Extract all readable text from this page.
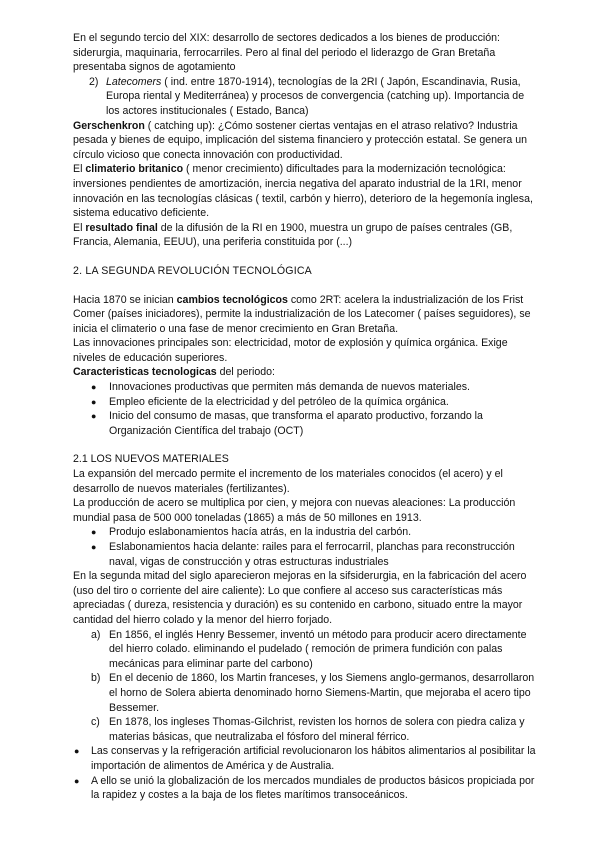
En el segundo tercio del XIX: desarrollo de sectores dedicados a los bienes de producción: siderurgia, maquinaria, ferrocarriles. Pero al final del periodo el liderazgo de Gran Bretaña presentaba signos de agotamiento

2) Latecomers ( ind. entre 1870-1914), tecnologías de la 2RI ( Japón, Escandinavia, Rusia, Europa riental y Mediterránea) y procesos de convergencia (catching up). Importancia de los actores institucionales ( Estado, Banca)

Gerschenkron ( catching up): ¿Cómo sostener ciertas ventajas en el atraso relativo? Industria pesada y bienes de equipo, implicación del sistema financiero y protección estatal. Se genera un círculo vicioso que conecta innovación con productividad.

El climaterio britanico ( menor crecimiento) dificultades para la modernización tecnológica: inversiones pendientes de amortización, inercia negativa del aparato industrial de la 1RI, menor innovación en las tecnologías clásicas ( textil, carbón y hierro), deterioro de la hegemonía inglesa, sistema educativo deficiente.

El resultado final de la difusión de la RI en 1900, muestra un grupo de países centrales (GB, Francia, Alemania, EEUU), una periferia constituida por (...)

2. LA SEGUNDA REVOLUCIÓN TECNOLÓGICA

Hacia 1870 se inician cambios tecnológicos como 2RT: acelera la industrialización de los Frist Comer (países iniciadores), permite la industrialización de los Latecomer ( países seguidores), se inicia el climaterio o una fase de menor crecimiento en Gran Bretaña.

Las innovaciones principales son: electricidad, motor de explosión y química orgánica. Exige niveles de educación superiores.

Caracteristicas tecnologicas del periodo:

●	Innovaciones productivas que permiten más demanda de nuevos materiales.
●	Empleo eficiente de la electricidad y del petróleo de la química orgánica.
●	Inicio del consumo de masas, que transforma el aparato productivo, forzando la Organización Científica del trabajo (OCT)

2.1 LOS NUEVOS MATERIALES

La expansión del mercado permite el incremento de los materiales conocidos (el acero) y el desarrollo de nuevos materiales (fertilizantes).

La producción de acero se multiplica por cien, y mejora con nuevas aleaciones: La producción mundial pasa de 500 000 toneladas (1865) a más de 50 millones en 1913.

●	Produjo eslabonamientos hacía atrás, en la industria del carbón.
●	Eslabonamientos hacia delante: railes para el ferrocarril, planchas para reconstrucción naval, vigas de construcción y otras estructuras industriales

En la segunda mitad del siglo aparecieron mejoras en la sifsiderurgia, en la fabricación del acero (uso del tiro o corriente del aire caliente): Lo que confiere al acceso sus características más apreciadas ( dureza, resistencia y duración) es su contenido en carbono, situado entre la mayor cantidad del hierro colado y la menor del hierro forjado.

a) En 1856, el inglés Henry Bessemer, inventó un método para producir acero directamente del hierro colado. eliminando el pudelado ( remoción de primera fundición con palas mecánicas para eliminar parte del carbono)
b) En el decenio de 1860, los Martin franceses, y los Siemens anglo-germanos, desarrollaron el horno de Solera abierta denominado horno Siemens-Martin, que mejoraba el acero tipo Bessemer.
c) En 1878, los ingleses Thomas-Gilchrist, revisten los hornos de solera con piedra caliza y materias básicas, que neutralizaba el fósforo del mineral férrico.
●	Las conservas y la refrigeración artificial revolucionaron los hábitos alimentarios al posibilitar la importación de alimentos de América y de Australia.
●	A ello se unió la globalización de los mercados mundiales de productos básicos propiciada por la rapidez y costes a la baja de los fletes marítimos transoceánicos.
